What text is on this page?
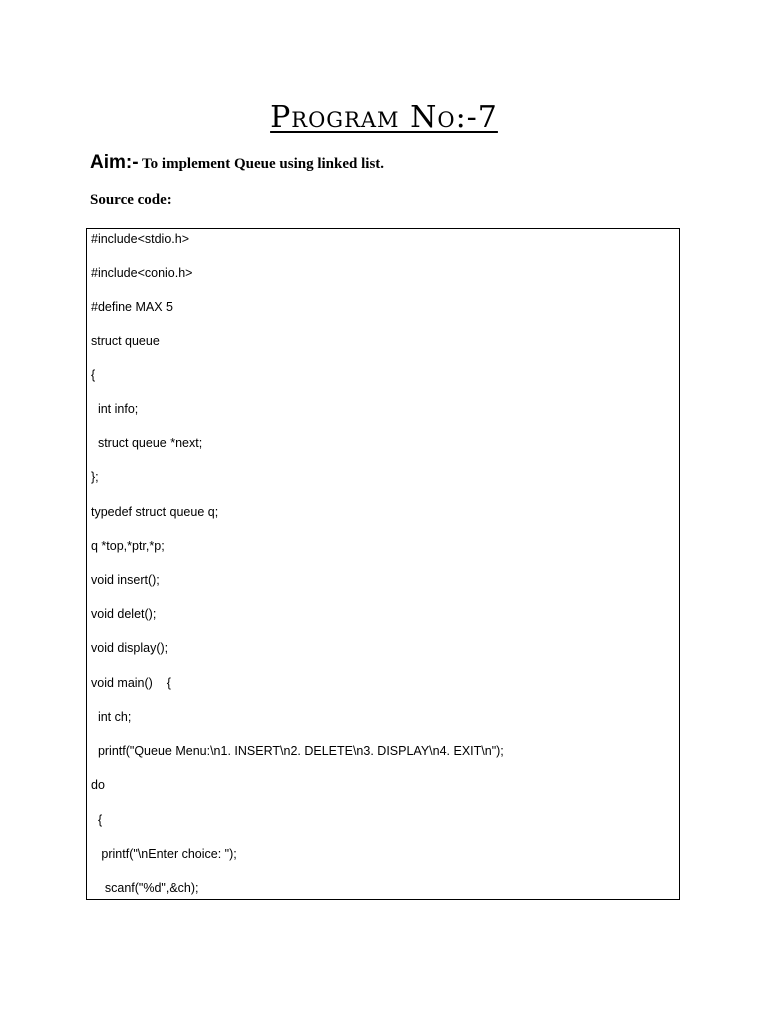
Program No:-7
Aim:- To implement Queue using linked list.
Source code:
#include<stdio.h>
#include<conio.h>
#define MAX 5
struct queue
{
int info;
struct queue *next;
};
typedef struct queue q;
q *top,*ptr,*p;
void insert();
void delet();
void display();
void main()    {
int ch;
printf("Queue Menu:\n1. INSERT\n2. DELETE\n3. DISPLAY\n4. EXIT\n");
do
{
printf("\nEnter choice: ");
scanf("%d",&ch);
